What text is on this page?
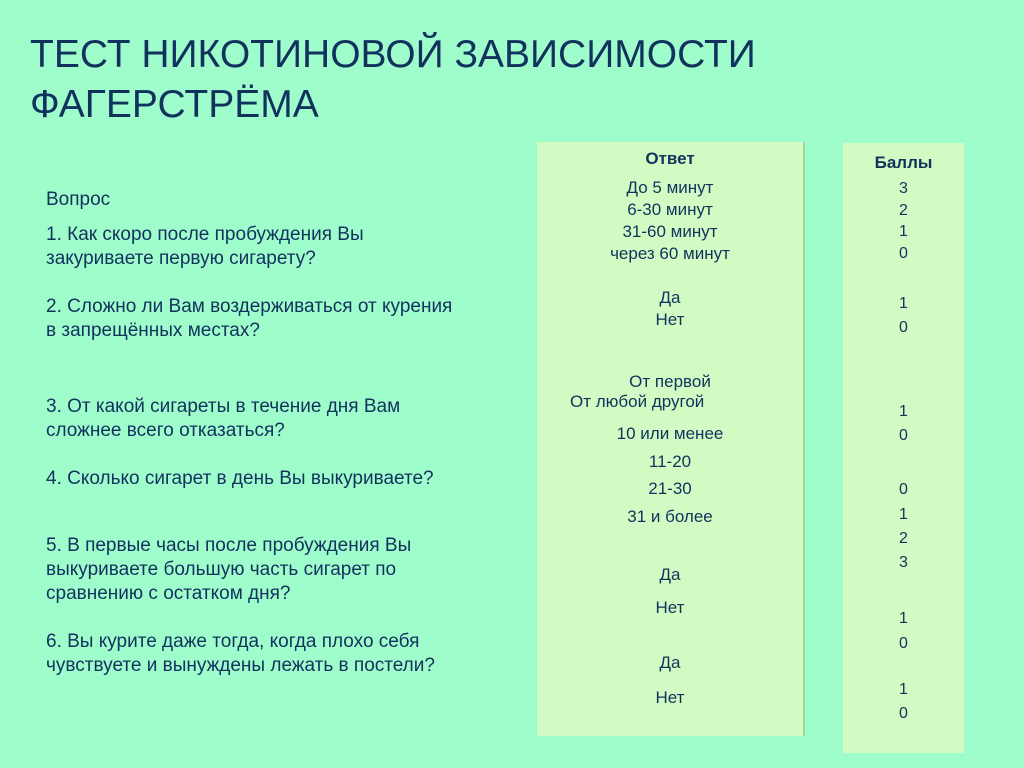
ТЕСТ НИКОТИНОВОЙ ЗАВИСИМОСТИ
ФАГЕРСТРЁМА
Вопрос
1. Как скоро после пробуждения Вы
закуриваете первую сигарету?
2. Сложно ли Вам воздерживаться от курения
в запрещённых местах?
3. От какой сигареты в течение дня Вам
сложнее всего отказаться?
4. Сколько сигарет в день Вы выкуриваете?
5. В первые часы после пробуждения Вы
выкуриваете большую часть сигарет по
сравнению с остатком дня?
6. Вы курите даже тогда, когда плохо себя
чувствуете и вынуждены лежать в постели?
Ответ
До 5 минут
6-30 минут
31-60 минут
через 60 минут
Да
Нет
От первой
От любой другой
10 или менее
11-20
21-30
31 и более
Да
Нет
Да
Нет
Баллы
3
2
1
0
1
0
1
0
0
1
2
3
1
0
1
0
